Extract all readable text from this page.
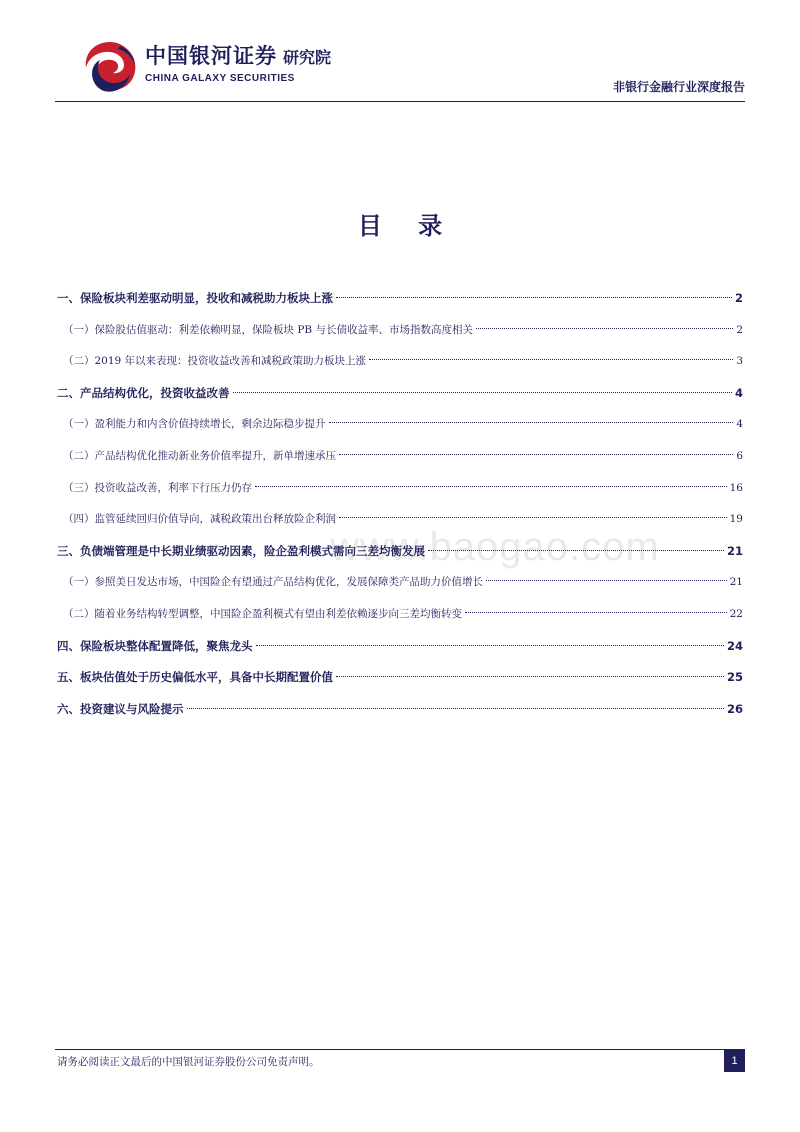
中国银河证券 研究院
CHINA GALAXY SECURITIES
非银行金融行业深度报告
目 录
一、保险板块利差驱动明显，投收和减税助力板块上涨	2
（一）保险股估值驱动：利差依赖明显，保险板块 PB 与长债收益率、市场指数高度相关	2
（二）2019 年以来表现：投资收益改善和减税政策助力板块上涨	3
二、产品结构优化，投资收益改善	4
（一）盈利能力和内含价值持续增长，剩余边际稳步提升	4
（二）产品结构优化推动新业务价值率提升，新单增速承压	6
（三）投资收益改善，利率下行压力仍存	16
（四）监管延续回归价值导向，减税政策出台释放险企利润	19
三、负债端管理是中长期业绩驱动因素，险企盈利模式需向三差均衡发展	21
（一）参照美日发达市场，中国险企有望通过产品结构优化，发展保障类产品助力价值增长	21
（二）随着业务结构转型调整，中国险企盈利模式有望由利差依赖逐步向三差均衡转变	22
四、保险板块整体配置降低，聚焦龙头	24
五、板块估值处于历史偏低水平，具备中长期配置价值	25
六、投资建议与风险提示	26
www.baogao.com
请务必阅读正文最后的中国银河证券股份公司免责声明。	1
